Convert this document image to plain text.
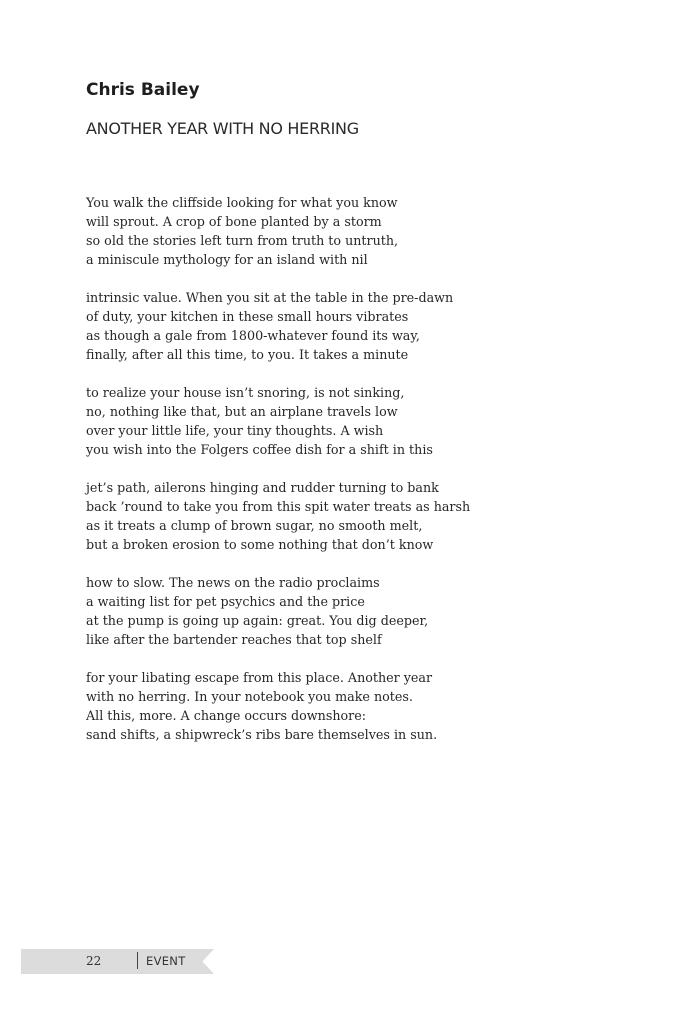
Chris Bailey
ANOTHER YEAR WITH NO HERRING
You walk the cliffside looking for what you know
will sprout. A crop of bone planted by a storm
so old the stories left turn from truth to untruth,
a miniscule mythology for an island with nil
intrinsic value. When you sit at the table in the pre-dawn
of duty, your kitchen in these small hours vibrates
as though a gale from 1800-whatever found its way,
finally, after all this time, to you. It takes a minute
to realize your house isn’t snoring, is not sinking,
no, nothing like that, but an airplane travels low
over your little life, your tiny thoughts. A wish
you wish into the Folgers coffee dish for a shift in this
jet’s path, ailerons hinging and rudder turning to bank
back ’round to take you from this spit water treats as harsh
as it treats a clump of brown sugar, no smooth melt,
but a broken erosion to some nothing that don’t know
how to slow. The news on the radio proclaims
a waiting list for pet psychics and the price
at the pump is going up again: great. You dig deeper,
like after the bartender reaches that top shelf
for your libating escape from this place. Another year
with no herring. In your notebook you make notes.
All this, more. A change occurs downshore:
sand shifts, a shipwreck’s ribs bare themselves in sun.
22	EVENT
